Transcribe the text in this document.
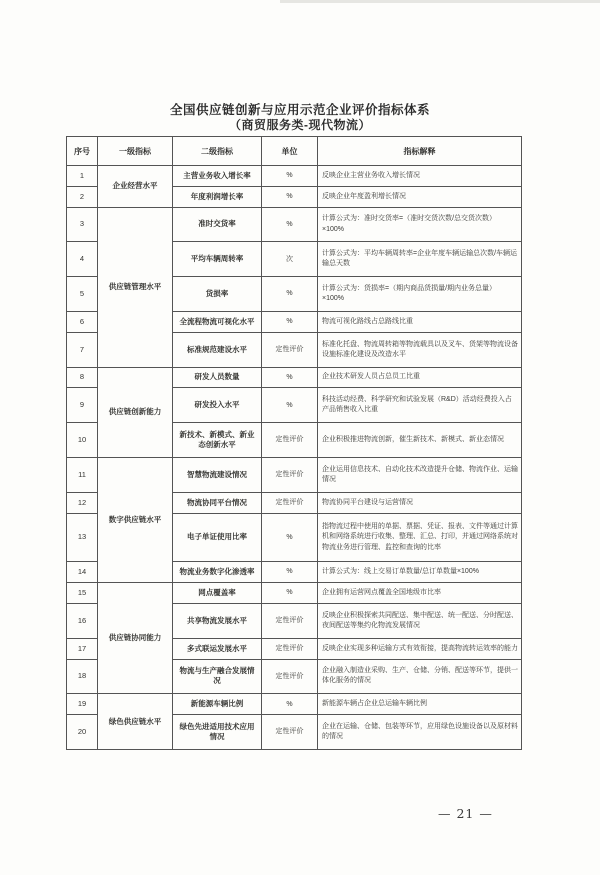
全国供应链创新与应用示范企业评价指标体系
（商贸服务类-现代物流）
序号	一级指标	二级指标	单位	指标解释
1	企业经营水平	主营业务收入增长率	%	反映企业主营业务收入增长情况
2		年度利润增长率	%	反映企业年度盈利增长情况
3	供应链管理水平	准时交货率	%	计算公式为：准时交货率=（准时交货次数/总交货次数）×100%
4		平均车辆周转率	次	计算公式为：平均车辆周转率=企业年度车辆运输总次数/车辆运输总天数
5		货损率	%	计算公式为：货损率=（期内商品货损量/期内业务总量）×100%
6		全流程物流可视化水平	%	物流可视化路线占总路线比重
7		标准规范建设水平	定性评价	标准化托盘、物流周转箱等物流载具以及叉车、货架等物流设备设施标准化建设及改造水平
8	供应链创新能力	研发人员数量	%	企业技术研发人员占总员工比重
9		研发投入水平	%	科技活动经费、科学研究和试验发展（R&D）活动经费投入占产品销售收入比重
10		新技术、新模式、新业态创新水平	定性评价	企业积极推进物流创新，催生新技术、新模式、新业态情况
11	数字供应链水平	智慧物流建设情况	定性评价	企业运用信息技术、自动化技术改造提升仓储、物流作业、运输情况
12		物流协同平台情况	定性评价	物流协同平台建设与运营情况
13		电子单证使用比率	%	指物流过程中使用的单据、票据、凭证、报表、文件等通过计算机和网络系统进行收集、整理、汇总、打印，并通过网络系统对物流业务进行管理、监控和查询的比率
14		物流业务数字化渗透率	%	计算公式为：线上交易订单数量/总订单数量×100%
15	供应链协同能力	网点覆盖率	%	企业拥有运营网点覆盖全国地级市比率
16		共享物流发展水平	定性评价	反映企业积极探索共同配送、集中配送、统一配送、分时配送、夜间配送等集约化物流发展情况
17		多式联运发展水平	定性评价	反映企业实现多种运输方式有效衔接，提高物流转运效率的能力
18		物流与生产融合发展情况	定性评价	企业融入制造业采购、生产、仓储、分销、配送等环节，提供一体化服务的情况
19	绿色供应链水平	新能源车辆比例	%	新能源车辆占企业总运输车辆比例
20		绿色先进适用技术应用情况	定性评价	企业在运输、仓储、包装等环节，应用绿色设施设备以及原材料的情况
— 21 —
